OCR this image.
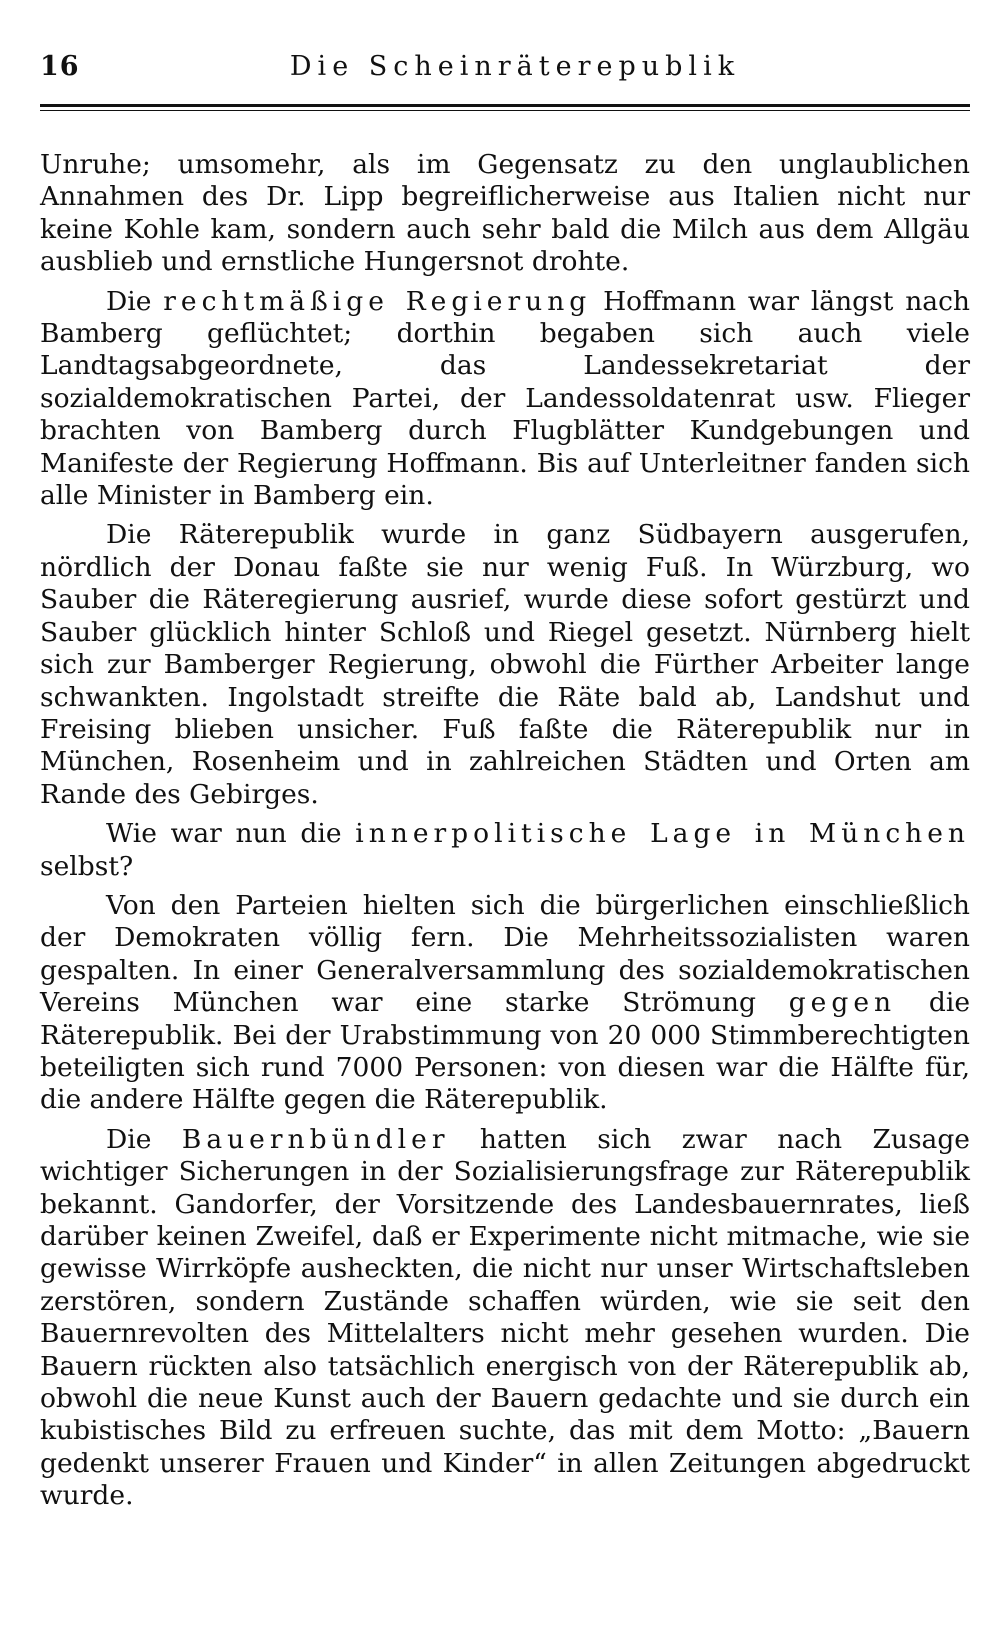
16	Die Scheinräterepublik

Unruhe; umsomehr, als im Gegensatz zu den unglaublichen Annahmen des Dr. Lipp begreiflicherweise aus Italien nicht nur keine Kohle kam, sondern auch sehr bald die Milch aus dem Allgäu ausblieb und ernstliche Hungersnot drohte.

Die rechtmäßige Regierung Hoffmann war längst nach Bamberg geflüchtet; dorthin begaben sich auch viele Landtagsabgeordnete, das Landessekretariat der sozialdemokratischen Partei, der Landessoldatenrat usw. Flieger brachten von Bamberg durch Flugblätter Kundgebungen und Manifeste der Regierung Hoffmann. Bis auf Unterleitner fanden sich alle Minister in Bamberg ein.

Die Räterepublik wurde in ganz Südbayern ausgerufen, nördlich der Donau faßte sie nur wenig Fuß. In Würzburg, wo Sauber die Räteregierung ausrief, wurde diese sofort gestürzt und Sauber glücklich hinter Schloß und Riegel gesetzt. Nürnberg hielt sich zur Bamberger Regierung, obwohl die Fürther Arbeiter lange schwankten. Ingolstadt streifte die Räte bald ab, Landshut und Freising blieben unsicher. Fuß faßte die Räterepublik nur in München, Rosenheim und in zahlreichen Städten und Orten am Rande des Gebirges.

Wie war nun die innerpolitische Lage in München selbst?

Von den Parteien hielten sich die bürgerlichen einschließlich der Demokraten völlig fern. Die Mehrheitssozialisten waren gespalten. In einer Generalversammlung des sozialdemokratischen Vereins München war eine starke Strömung gegen die Räterepublik. Bei der Urabstimmung von 20 000 Stimmberechtigten beteiligten sich rund 7000 Personen: von diesen war die Hälfte für, die andere Hälfte gegen die Räterepublik.

Die Bauernbündler hatten sich zwar nach Zusage wichtiger Sicherungen in der Sozialisierungsfrage zur Räterepublik bekannt. Gandorfer, der Vorsitzende des Landesbauernrates, ließ darüber keinen Zweifel, daß er Experimente nicht mitmache, wie sie gewisse Wirrköpfe ausheckten, die nicht nur unser Wirtschaftsleben zerstören, sondern Zustände schaffen würden, wie sie seit den Bauernrevolten des Mittelalters nicht mehr gesehen wurden. Die Bauern rückten also tatsächlich energisch von der Räterepublik ab, obwohl die neue Kunst auch der Bauern gedachte und sie durch ein kubistisches Bild zu erfreuen suchte, das mit dem Motto: „Bauern gedenkt unserer Frauen und Kinder“ in allen Zeitungen abgedruckt wurde.
